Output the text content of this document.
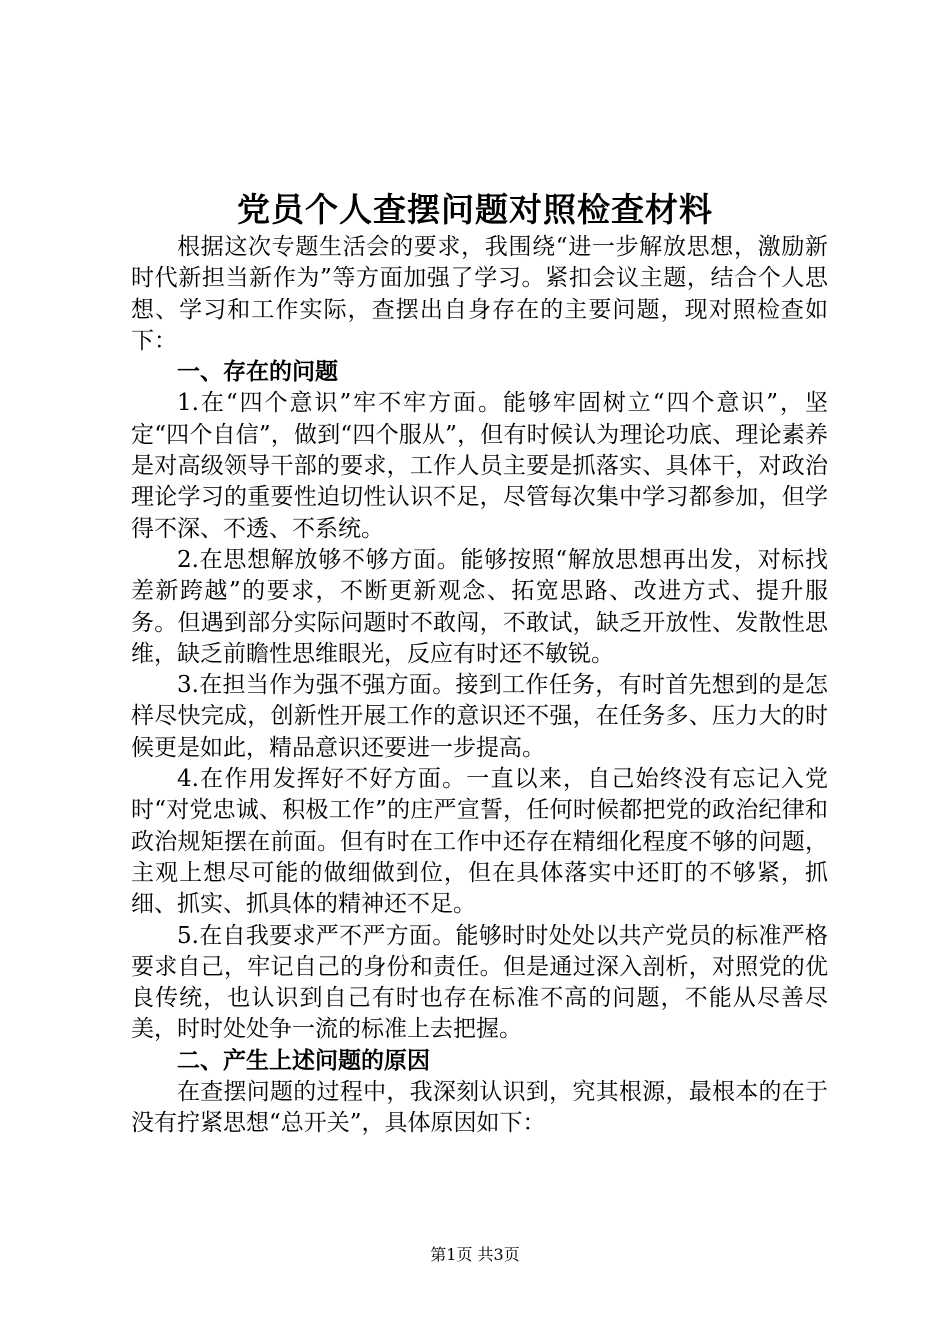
党员个人查摆问题对照检查材料

根据这次专题生活会的要求，我围绕“进一步解放思想，激励新时代新担当新作为”等方面加强了学习。紧扣会议主题，结合个人思想、学习和工作实际，查摆出自身存在的主要问题，现对照检查如下：

一、存在的问题

1.在“四个意识”牢不牢方面。能够牢固树立“四个意识”，坚定“四个自信”，做到“四个服从”，但有时候认为理论功底、理论素养是对高级领导干部的要求，工作人员主要是抓落实、具体干，对政治理论学习的重要性迫切性认识不足，尽管每次集中学习都参加，但学得不深、不透、不系统。

2.在思想解放够不够方面。能够按照“解放思想再出发，对标找差新跨越”的要求，不断更新观念、拓宽思路、改进方式、提升服务。但遇到部分实际问题时不敢闯，不敢试，缺乏开放性、发散性思维，缺乏前瞻性思维眼光，反应有时还不敏锐。

3.在担当作为强不强方面。接到工作任务，有时首先想到的是怎样尽快完成，创新性开展工作的意识还不强，在任务多、压力大的时候更是如此，精品意识还要进一步提高。

4.在作用发挥好不好方面。一直以来，自己始终没有忘记入党时“对党忠诚、积极工作”的庄严宣誓，任何时候都把党的政治纪律和政治规矩摆在前面。但有时在工作中还存在精细化程度不够的问题，主观上想尽可能的做细做到位，但在具体落实中还盯的不够紧，抓细、抓实、抓具体的精神还不足。

5.在自我要求严不严方面。能够时时处处以共产党员的标准严格要求自己，牢记自己的身份和责任。但是通过深入剖析，对照党的优良传统，也认识到自己有时也存在标准不高的问题，不能从尽善尽美，时时处处争一流的标准上去把握。

二、产生上述问题的原因

在查摆问题的过程中，我深刻认识到，究其根源，最根本的在于没有拧紧思想“总开关”，具体原因如下：

第1页 共3页
